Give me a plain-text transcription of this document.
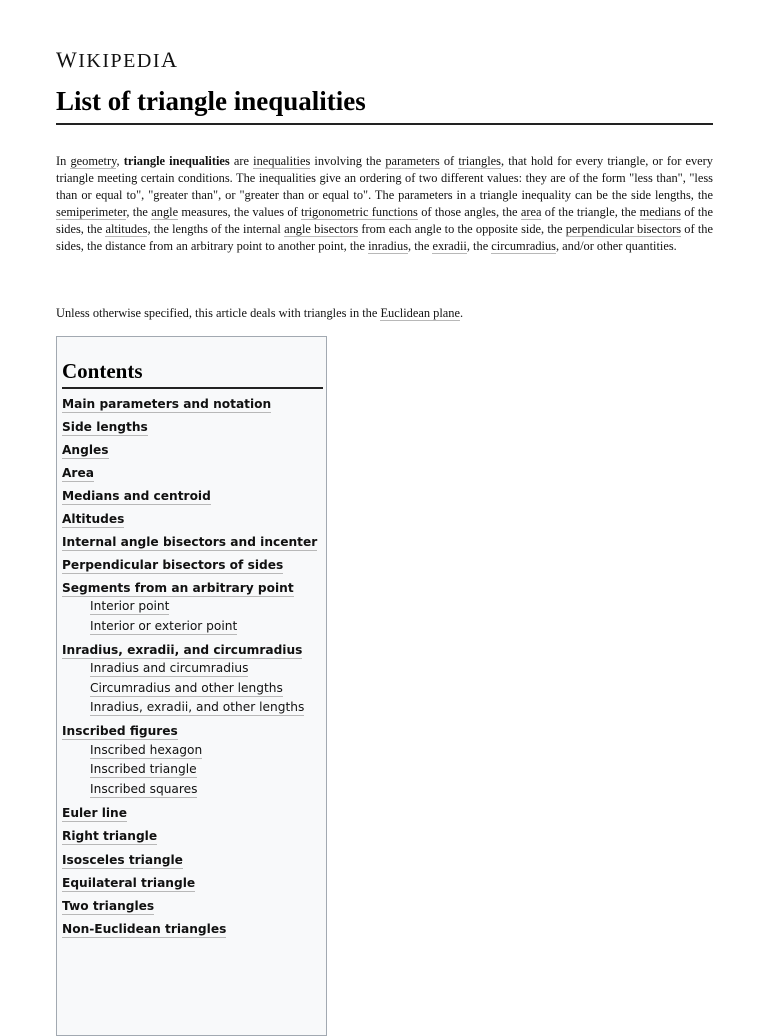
WIKIPEDIA
List of triangle inequalities

In geometry, triangle inequalities are inequalities involving the parameters of triangles, that hold for every triangle, or for every triangle meeting certain conditions. The inequalities give an ordering of two different values: they are of the form "less than", "less than or equal to", "greater than", or "greater than or equal to". The parameters in a triangle inequality can be the side lengths, the semiperimeter, the angle measures, the values of trigonometric functions of those angles, the area of the triangle, the medians of the sides, the altitudes, the lengths of the internal angle bisectors from each angle to the opposite side, the perpendicular bisectors of the sides, the distance from an arbitrary point to another point, the inradius, the exradii, the circumradius, and/or other quantities.

Unless otherwise specified, this article deals with triangles in the Euclidean plane.

Contents
Main parameters and notation
Side lengths
Angles
Area
Medians and centroid
Altitudes
Internal angle bisectors and incenter
Perpendicular bisectors of sides
Segments from an arbitrary point
Interior point
Interior or exterior point
Inradius, exradii, and circumradius
Inradius and circumradius
Circumradius and other lengths
Inradius, exradii, and other lengths
Inscribed figures
Inscribed hexagon
Inscribed triangle
Inscribed squares
Euler line
Right triangle
Isosceles triangle
Equilateral triangle
Two triangles
Non-Euclidean triangles
